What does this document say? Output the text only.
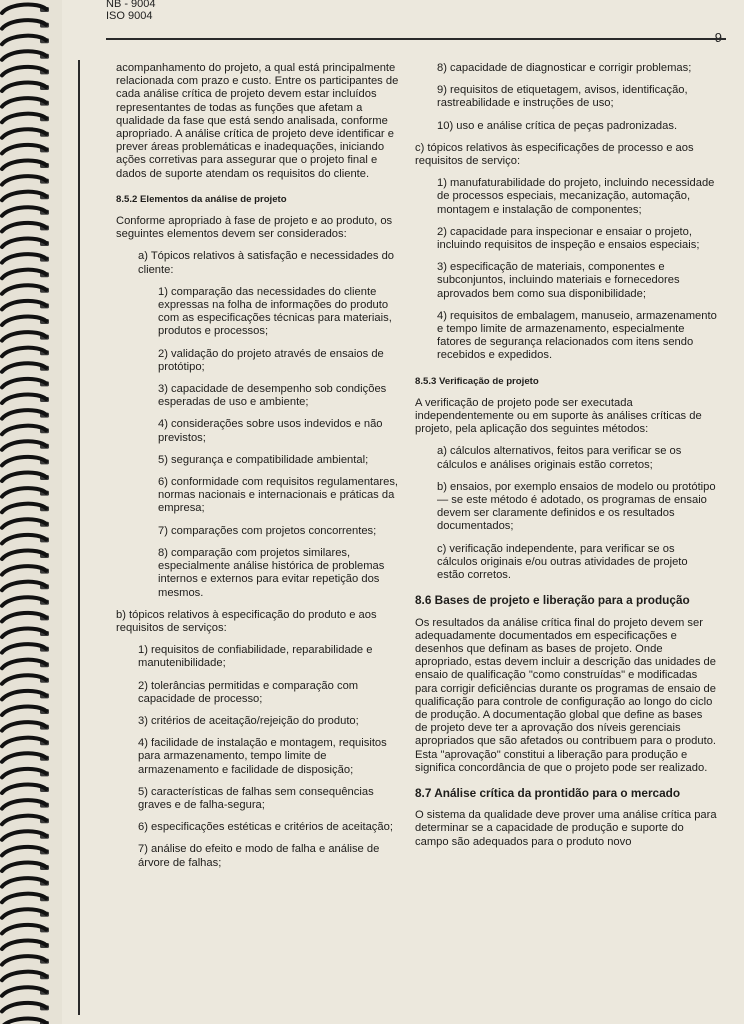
NB - 9004
ISO 9004

acompanhamento do projeto, a qual está principalmente relacionada com prazo e custo. Entre os participantes de cada análise crítica de projeto devem estar incluídos representantes de todas as funções que afetam a qualidade da fase que está sendo analisada, conforme apropriado. A análise crítica de projeto deve identificar e prever áreas problemáticas e inadequações, iniciando ações corretivas para assegurar que o projeto final e dados de suporte atendam os requisitos do cliente.

8.5.2 Elementos da análise de projeto

Conforme apropriado à fase de projeto e ao produto, os seguintes elementos devem ser considerados:

a) Tópicos relativos à satisfação e necessidades do cliente:

1) comparação das necessidades do cliente expressas na folha de informações do produto com as especificações técnicas para materiais, produtos e processos;

2) validação do projeto através de ensaios de protótipo;

3) capacidade de desempenho sob condições esperadas de uso e ambiente;

4) considerações sobre usos indevidos e não previstos;

5) segurança e compatibilidade ambiental;

6) conformidade com requisitos regulamentares, normas nacionais e internacionais e práticas da empresa;

7) comparações com projetos concorrentes;

8) comparação com projetos similares, especialmente análise histórica de problemas internos e externos para evitar repetição dos mesmos.

b) tópicos relativos à especificação do produto e aos requisitos de serviços:

1) requisitos de confiabilidade, reparabilidade e manutenibilidade;

2) tolerâncias permitidas e comparação com capacidade de processo;

3) critérios de aceitação/rejeição do produto;

4) facilidade de instalação e montagem, requisitos para armazenamento, tempo limite de armazenamento e facilidade de disposição;

5) características de falhas sem consequências graves e de falha-segura;

6) especificações estéticas e critérios de aceitação;

7) análise do efeito e modo de falha e análise de árvore de falhas;

8) capacidade de diagnosticar e corrigir problemas;

9) requisitos de etiquetagem, avisos, identificação, rastreabilidade e instruções de uso;

10) uso e análise crítica de peças padronizadas.

c) tópicos relativos às especificações de processo e aos requisitos de serviço:

1) manufaturabilidade do projeto, incluindo necessidade de processos especiais, mecanização, automação, montagem e instalação de componentes;

2) capacidade para inspecionar e ensaiar o projeto, incluindo requisitos de inspeção e ensaios especiais;

3) especificação de materiais, componentes e subconjuntos, incluindo materiais e fornecedores aprovados bem como sua disponibilidade;

4) requisitos de embalagem, manuseio, armazenamento e tempo limite de armazenamento, especialmente fatores de segurança relacionados com itens sendo recebidos e expedidos.

8.5.3 Verificação de projeto

A verificação de projeto pode ser executada independentemente ou em suporte às análises críticas de projeto, pela aplicação dos seguintes métodos:

a) cálculos alternativos, feitos para verificar se os cálculos e análises originais estão corretos;

b) ensaios, por exemplo ensaios de modelo ou protótipo — se este método é adotado, os programas de ensaio devem ser claramente definidos e os resultados documentados;

c) verificação independente, para verificar se os cálculos originais e/ou outras atividades de projeto estão corretos.

8.6 Bases de projeto e liberação para a produção

Os resultados da análise crítica final do projeto devem ser adequadamente documentados em especificações e desenhos que definam as bases de projeto. Onde apropriado, estas devem incluir a descrição das unidades de ensaio de qualificação "como construídas" e modificadas para corrigir deficiências durante os programas de ensaio de qualificação para controle de configuração ao longo do ciclo de produção. A documentação global que define as bases de projeto deve ter a aprovação dos níveis gerenciais apropriados que são afetados ou contribuem para o produto. Esta "aprovação" constitui a liberação para produção e significa concordância de que o projeto pode ser realizado.

8.7 Análise crítica da prontidão para o mercado

O sistema da qualidade deve prover uma análise crítica para determinar se a capacidade de produção e suporte do campo são adequados para o produto novo
